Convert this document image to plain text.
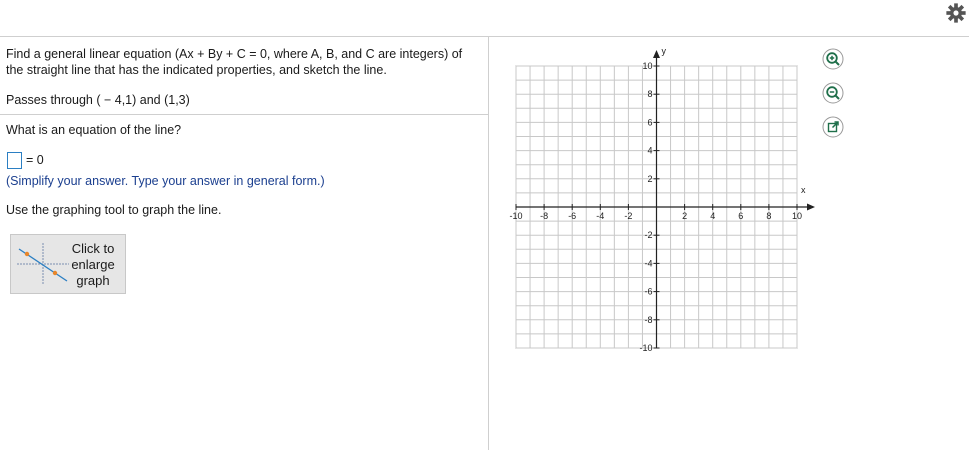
Find a general linear equation (Ax + By + C = 0, where A, B, and C are integers) of
the straight line that has the indicated properties, and sketch the line.
Passes through ( − 4,1) and (1,3)
What is an equation of the line?
= 0
(Simplify your answer. Type your answer in general form.)
Use the graphing tool to graph the line.
Click to enlarge graph
x
y
-10 -8 -6 -4 -2	2	4	6	8 10
10
8
6
4
2
-2
-4
-6
-8
-10
